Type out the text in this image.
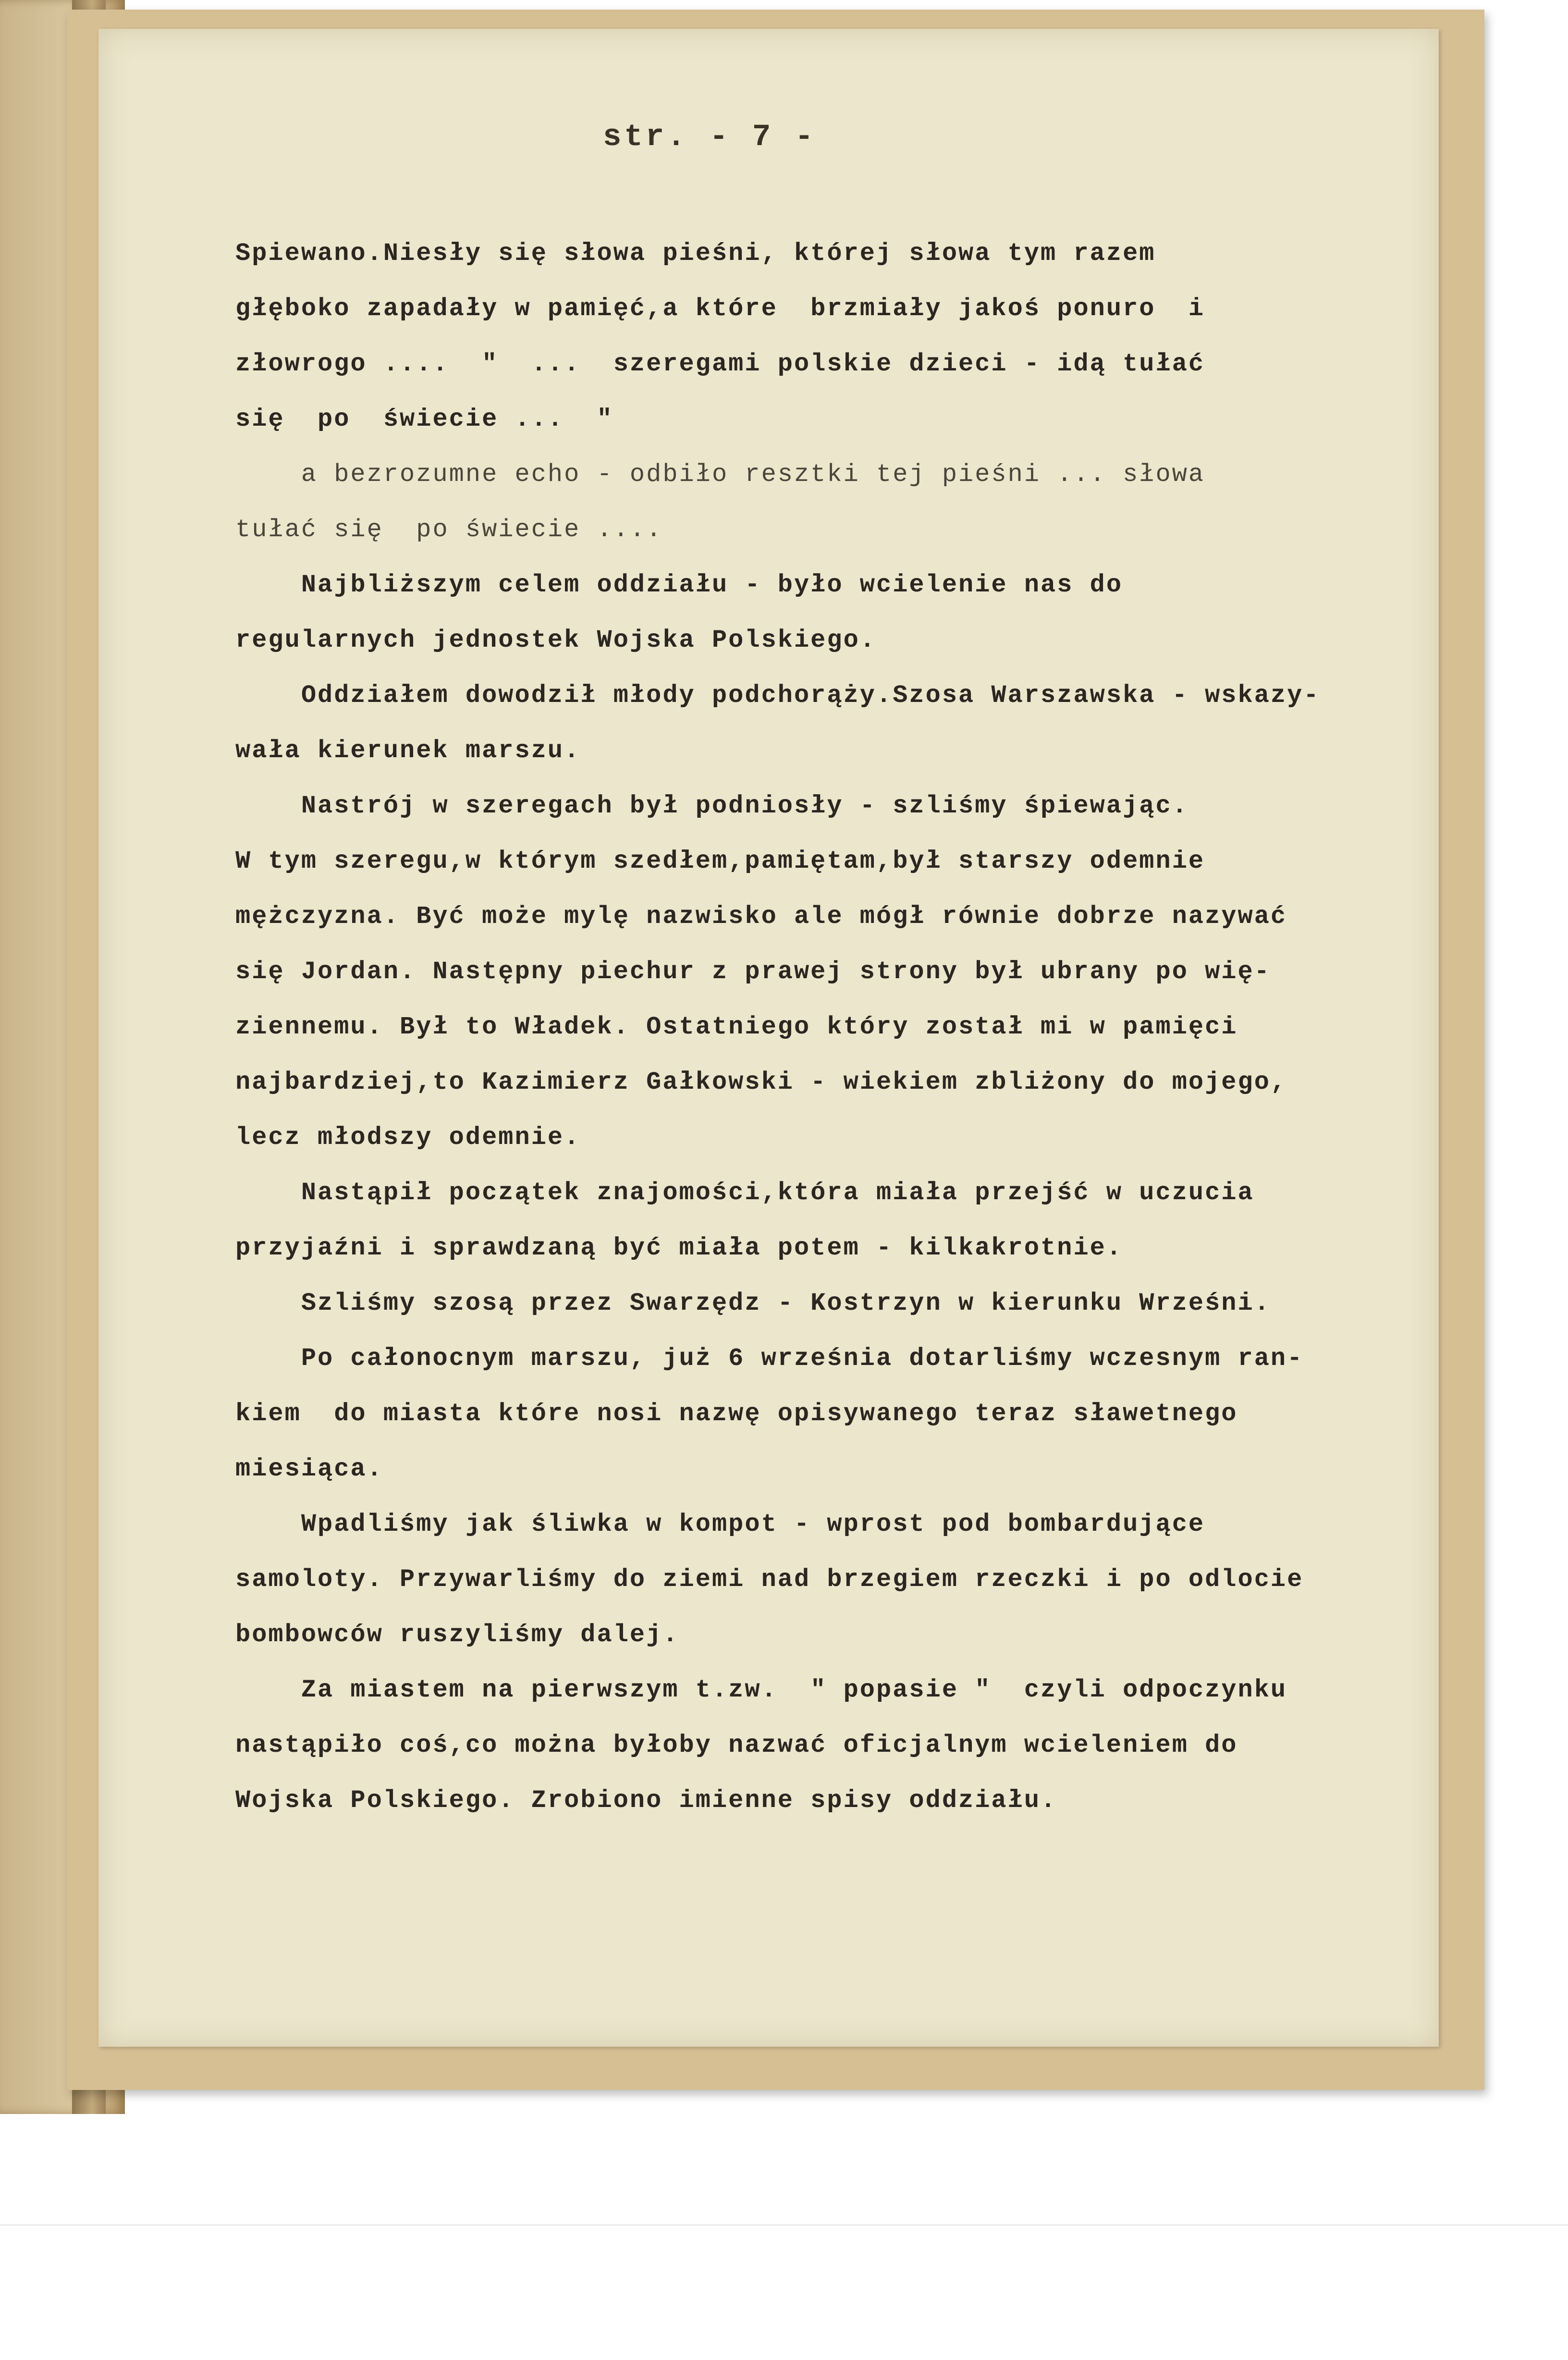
str. - 7 -
Spiewano.Niesły się słowa pieśni, której słowa tym razem
głęboko zapadały w pamięć,a które  brzmiały jakoś ponuro  i
złowrogo ....  "  ...  szeregami polskie dzieci - idą tułać
się  po  świecie ...  "
a bezrozumne echo - odbiło resztki tej pieśni ... słowa
tułać się  po świecie ....
Najbliższym celem oddziału - było wcielenie nas do
regularnych jednostek Wojska Polskiego.
Oddziałem dowodził młody podchorąży.Szosa Warszawska - wskazy-
wała kierunek marszu.
Nastrój w szeregach był podniosły - szliśmy śpiewając.
W tym szeregu,w którym szedłem,pamiętam,był starszy odemnie
mężczyzna. Być może mylę nazwisko ale mógł równie dobrze nazywać
się Jordan. Następny piechur z prawej strony był ubrany po wię-
ziennemu. Był to Władek. Ostatniego który został mi w pamięci
najbardziej,to Kazimierz Gałkowski - wiekiem zbliżony do mojego,
lecz młodszy odemnie.
Nastąpił początek znajomości,która miała przejść w uczucia
przyjaźni i sprawdzaną być miała potem - kilkakrotnie.
Szliśmy szosą przez Swarzędz - Kostrzyn w kierunku Wrześni.
Po całonocnym marszu, już 6 września dotarliśmy wczesnym ran-
kiem  do miasta które nosi nazwę opisywanego teraz sławetnego
miesiąca.
Wpadliśmy jak śliwka w kompot - wprost pod bombardujące
samoloty. Przywarliśmy do ziemi nad brzegiem rzeczki i po odlocie
bombowców ruszyliśmy dalej.
Za miastem na pierwszym t.zw.  " popasie "  czyli odpoczynku
nastąpiło coś,co można byłoby nazwać oficjalnym wcieleniem do
Wojska Polskiego. Zrobiono imienne spisy oddziału.
